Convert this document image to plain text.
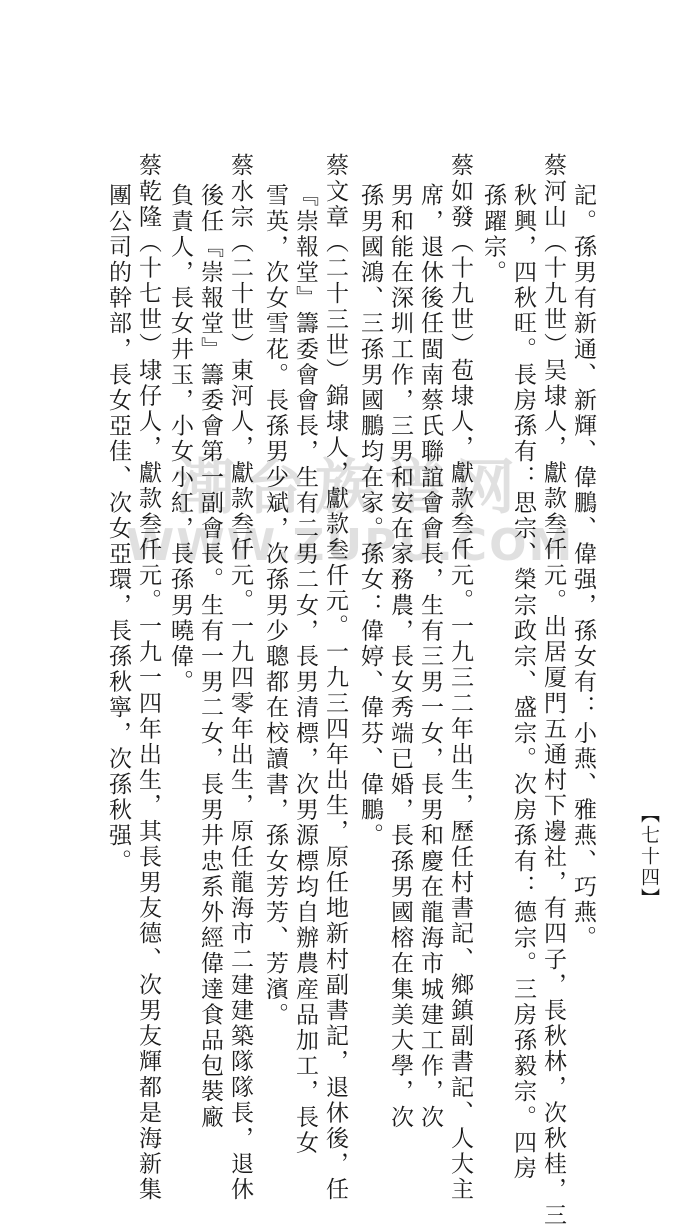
潮台族谱网
WWW.ZUPU.COM
記。孫男有新通、新輝、偉鵬、偉强，孫女有：小燕、雅燕、巧燕。
蔡河山（十九世）吴埭人，獻款叁仟元。出居厦門五通村下邊社，有四子，長秋林，次秋桂，三
秋興，四秋旺。長房孫有：思宗、榮宗政宗、盛宗。次房孫有：德宗。三房孫毅宗。四房
孫躍宗。
蔡如發（十九世）苞埭人，獻款叁仟元。一九三二年出生，歷任村書記、鄉鎮副書記、人大主
席，退休後任閩南蔡氏聯誼會會長，生有三男一女，長男和慶在龍海市城建工作，次
男和能在深圳工作，三男和安在家務農，長女秀端已婚，長孫男國榕在集美大學，次
孫男國鴻、三孫男國鵬均在家。孫女：偉婷、偉芬、偉鵬。
蔡文章（二十三世）錦埭人，獻款叁仟元。一九三四年出生，原任地新村副書記，退休後，任
『崇報堂』籌委會會長，生有二男二女，長男清標，次男源標均自辦農産品加工，長女
雪英，次女雪花。長孫男少斌，次孫男少聰都在校讀書，孫女芳芳、芳濱。
蔡水宗（二十世）東河人，獻款叁仟元。一九四零年出生，原任龍海市二建建築隊隊長，退休
後任『崇報堂』籌委會第一副會長。生有一男二女，長男井忠系外經偉達食品包裝廠
負責人，長女井玉，小女小紅，長孫男曉偉。
蔡乾隆（十七世）埭仔人，獻款叁仟元。一九一四年出生，其長男友德、次男友輝都是海新集
團公司的幹部，長女亞佳、次女亞環，長孫秋寧，次孫秋强。	【七十四】
